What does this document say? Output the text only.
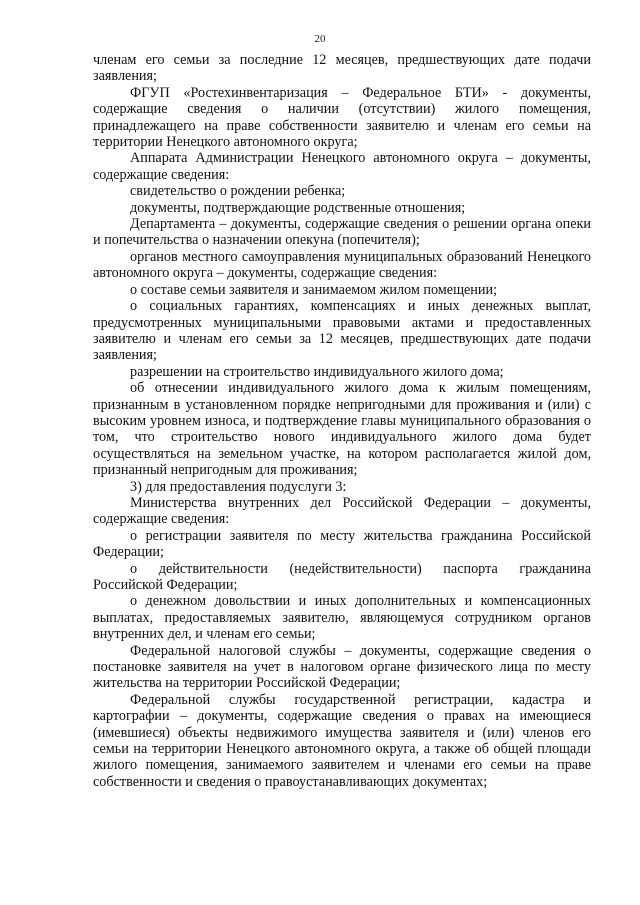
20

членам его семьи за последние 12 месяцев, предшествующих дате подачи заявления;

ФГУП «Ростехинвентаризация – Федеральное БТИ» - документы, содержащие сведения о наличии (отсутствии) жилого помещения, принадлежащего на праве собственности заявителю и членам его семьи на территории Ненецкого автономного округа;

Аппарата Администрации Ненецкого автономного округа – документы, содержащие сведения:

свидетельство о рождении ребенка;

документы, подтверждающие родственные отношения;

Департамента – документы, содержащие сведения о решении органа опеки и попечительства о назначении опекуна (попечителя);

органов местного самоуправления муниципальных образований Ненецкого автономного округа – документы, содержащие сведения:

о составе семьи заявителя и занимаемом жилом помещении;

о социальных гарантиях, компенсациях и иных денежных выплат, предусмотренных муниципальными правовыми актами и предоставленных заявителю и членам его семьи за 12 месяцев, предшествующих дате подачи заявления;

разрешении на строительство индивидуального жилого дома;

об отнесении индивидуального жилого дома к жилым помещениям, признанным в установленном порядке непригодными для проживания и (или) с высоким уровнем износа, и подтверждение главы муниципального образования о том, что строительство нового индивидуального жилого дома будет осуществляться на земельном участке, на котором располагается жилой дом, признанный непригодным для проживания;

3) для предоставления подуслуги 3:

Министерства внутренних дел Российской Федерации – документы, содержащие сведения:

о регистрации заявителя по месту жительства гражданина Российской Федерации;

о действительности (недействительности) паспорта гражданина Российской Федерации;

о денежном довольствии и иных дополнительных и компенсационных выплатах, предоставляемых заявителю, являющемуся сотрудником органов внутренних дел, и членам его семьи;

Федеральной налоговой службы – документы, содержащие сведения о постановке заявителя на учет в налоговом органе физического лица по месту жительства на территории Российской Федерации;

Федеральной службы государственной регистрации, кадастра и картографии – документы, содержащие сведения о правах на имеющиеся (имевшиеся) объекты недвижимого имущества заявителя и (или) членов его семьи на территории Ненецкого автономного округа, а также об общей площади жилого помещения, занимаемого заявителем и членами его семьи на праве собственности и сведения о правоустанавливающих документах;
